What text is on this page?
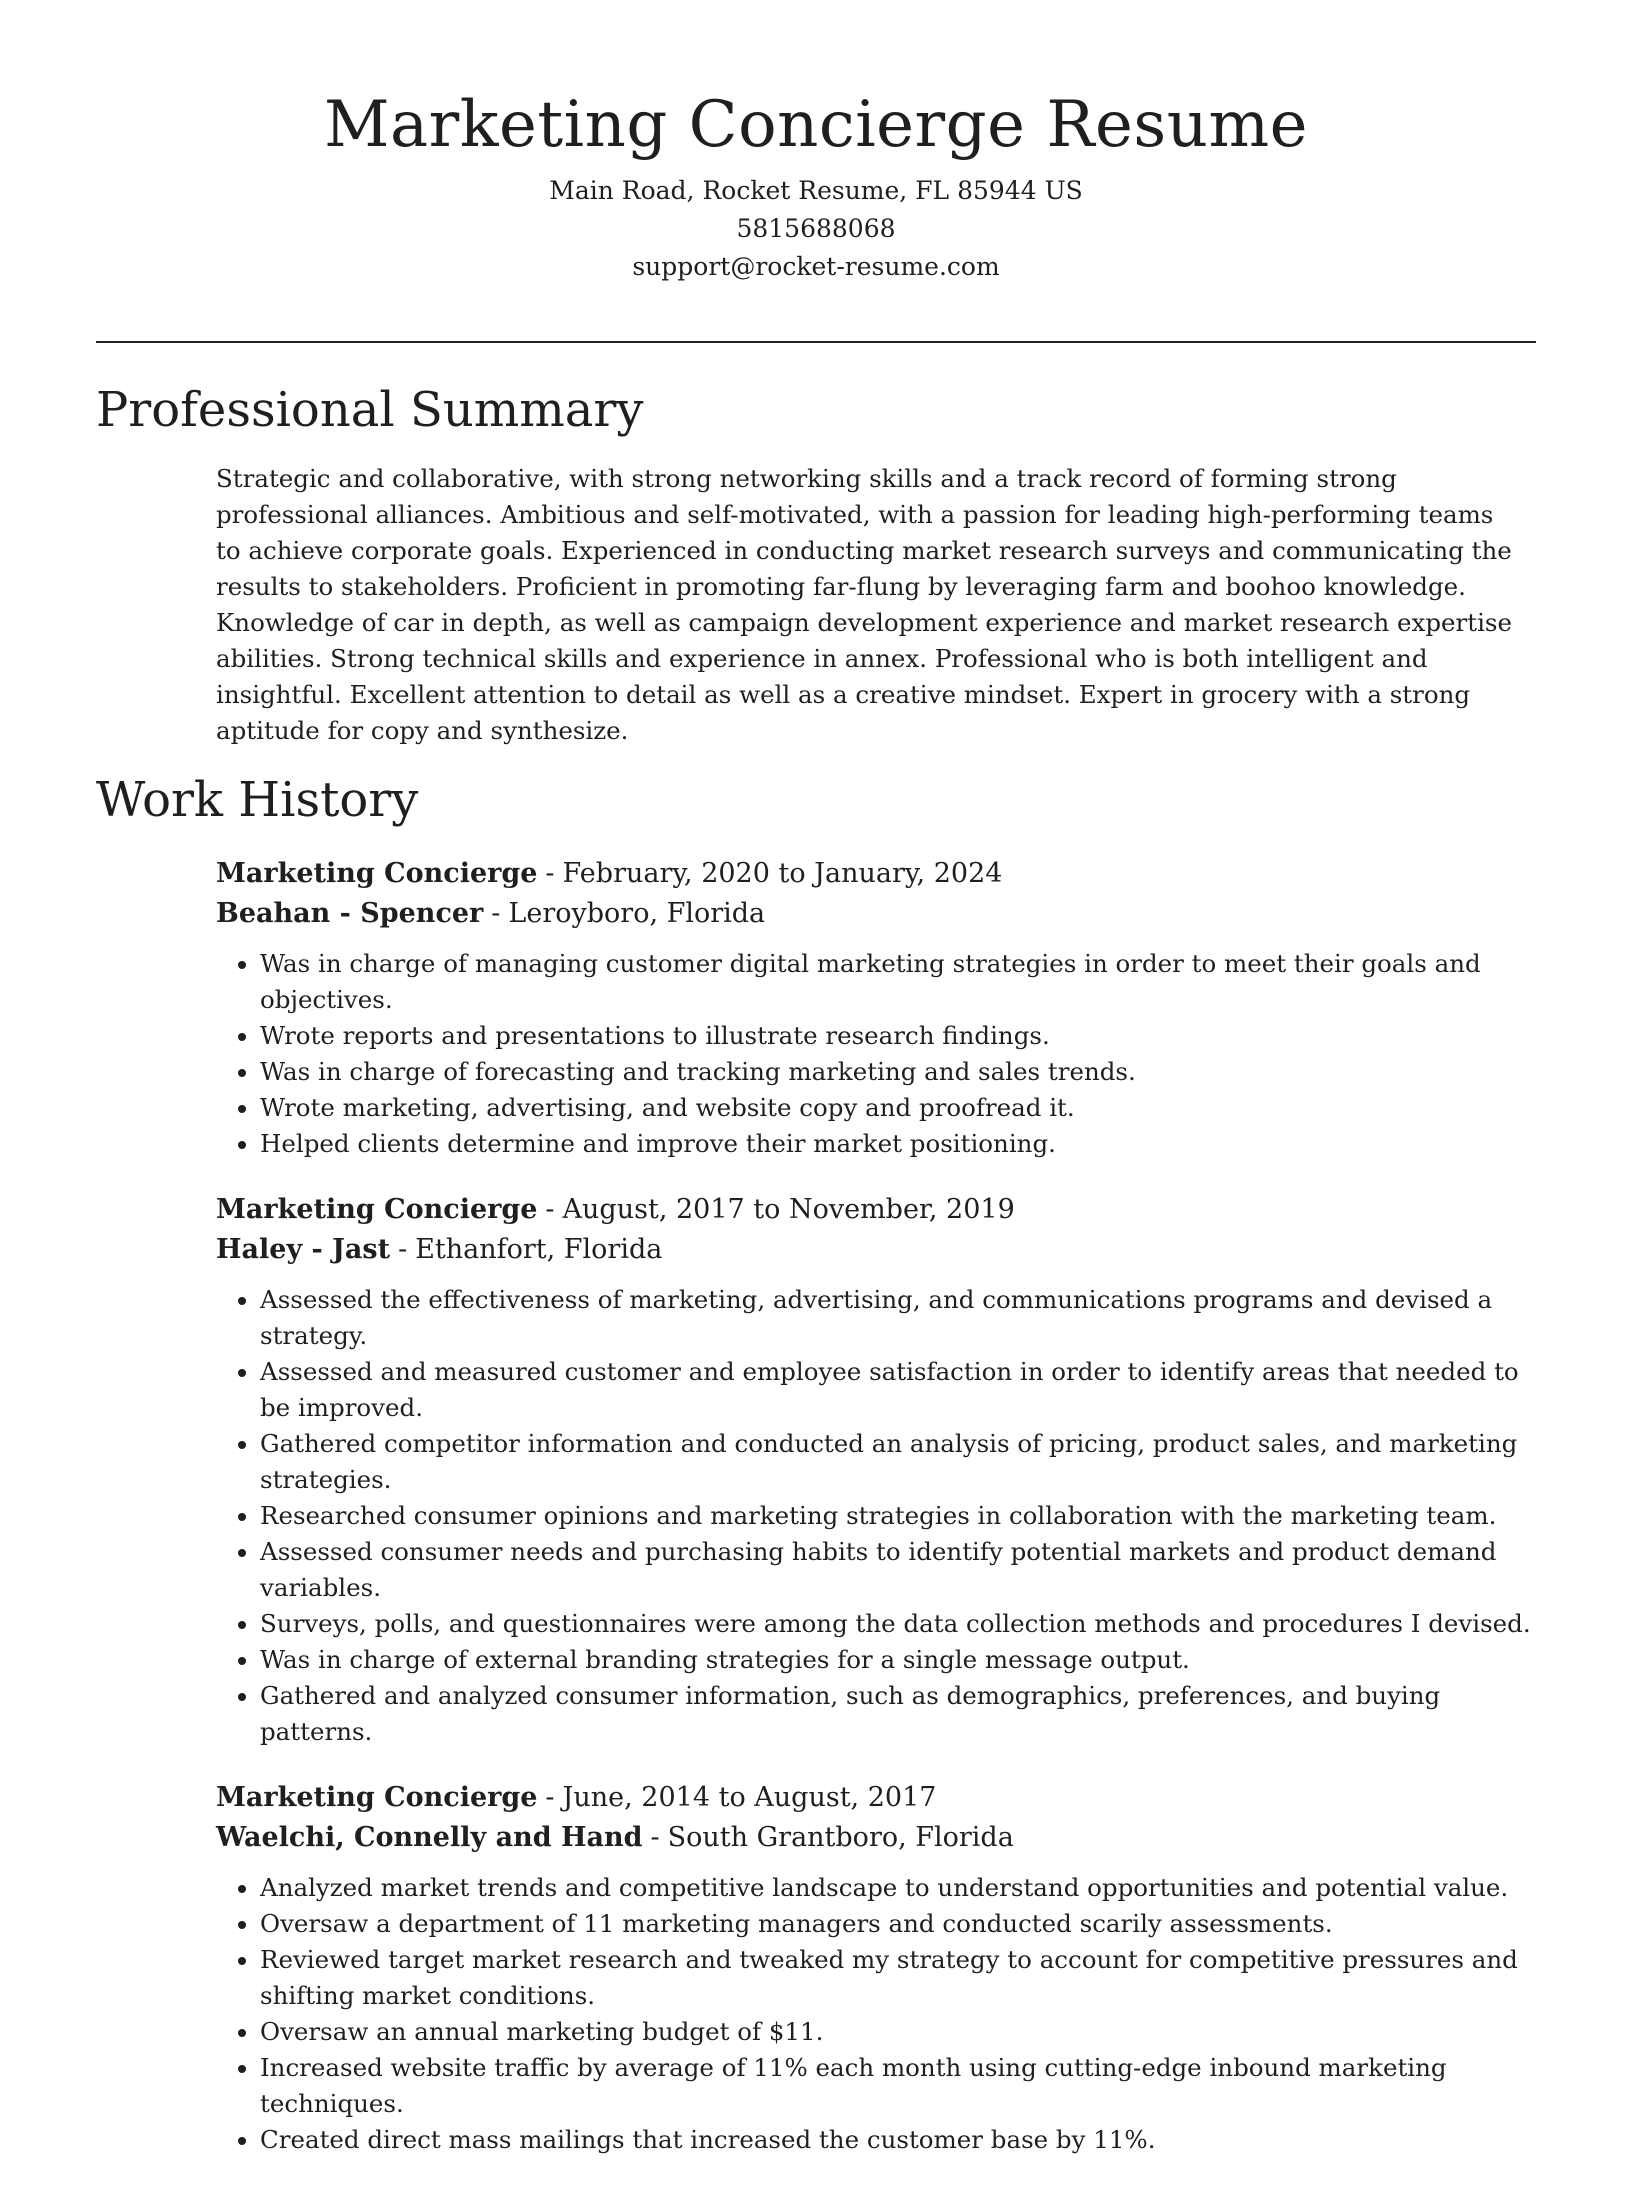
Marketing Concierge Resume

Main Road, Rocket Resume, FL 85944 US

5815688068

support@rocket-resume.com

Professional Summary

Strategic and collaborative, with strong networking skills and a track record of forming strong professional alliances. Ambitious and self-motivated, with a passion for leading high-performing teams to achieve corporate goals. Experienced in conducting market research surveys and communicating the results to stakeholders. Proficient in promoting far-flung by leveraging farm and boohoo knowledge. Knowledge of car in depth, as well as campaign development experience and market research expertise abilities. Strong technical skills and experience in annex. Professional who is both intelligent and insightful. Excellent attention to detail as well as a creative mindset. Expert in grocery with a strong aptitude for copy and synthesize.

Work History

Marketing Concierge - February, 2020 to January, 2024

Beahan - Spencer - Leroyboro, Florida

• Was in charge of managing customer digital marketing strategies in order to meet their goals and objectives.
• Wrote reports and presentations to illustrate research findings.
• Was in charge of forecasting and tracking marketing and sales trends.
• Wrote marketing, advertising, and website copy and proofread it.
• Helped clients determine and improve their market positioning.

Marketing Concierge - August, 2017 to November, 2019

Haley - Jast - Ethanfort, Florida

• Assessed the effectiveness of marketing, advertising, and communications programs and devised a strategy.
• Assessed and measured customer and employee satisfaction in order to identify areas that needed to be improved.
• Gathered competitor information and conducted an analysis of pricing, product sales, and marketing strategies.
• Researched consumer opinions and marketing strategies in collaboration with the marketing team.
• Assessed consumer needs and purchasing habits to identify potential markets and product demand variables.
• Surveys, polls, and questionnaires were among the data collection methods and procedures I devised.
• Was in charge of external branding strategies for a single message output.
• Gathered and analyzed consumer information, such as demographics, preferences, and buying patterns.

Marketing Concierge - June, 2014 to August, 2017

Waelchi, Connelly and Hand - South Grantboro, Florida

• Analyzed market trends and competitive landscape to understand opportunities and potential value.
• Oversaw a department of 11 marketing managers and conducted scarily assessments.
• Reviewed target market research and tweaked my strategy to account for competitive pressures and shifting market conditions.
• Oversaw an annual marketing budget of $11.
• Increased website traffic by average of 11% each month using cutting-edge inbound marketing techniques.
• Created direct mass mailings that increased the customer base by 11%.
